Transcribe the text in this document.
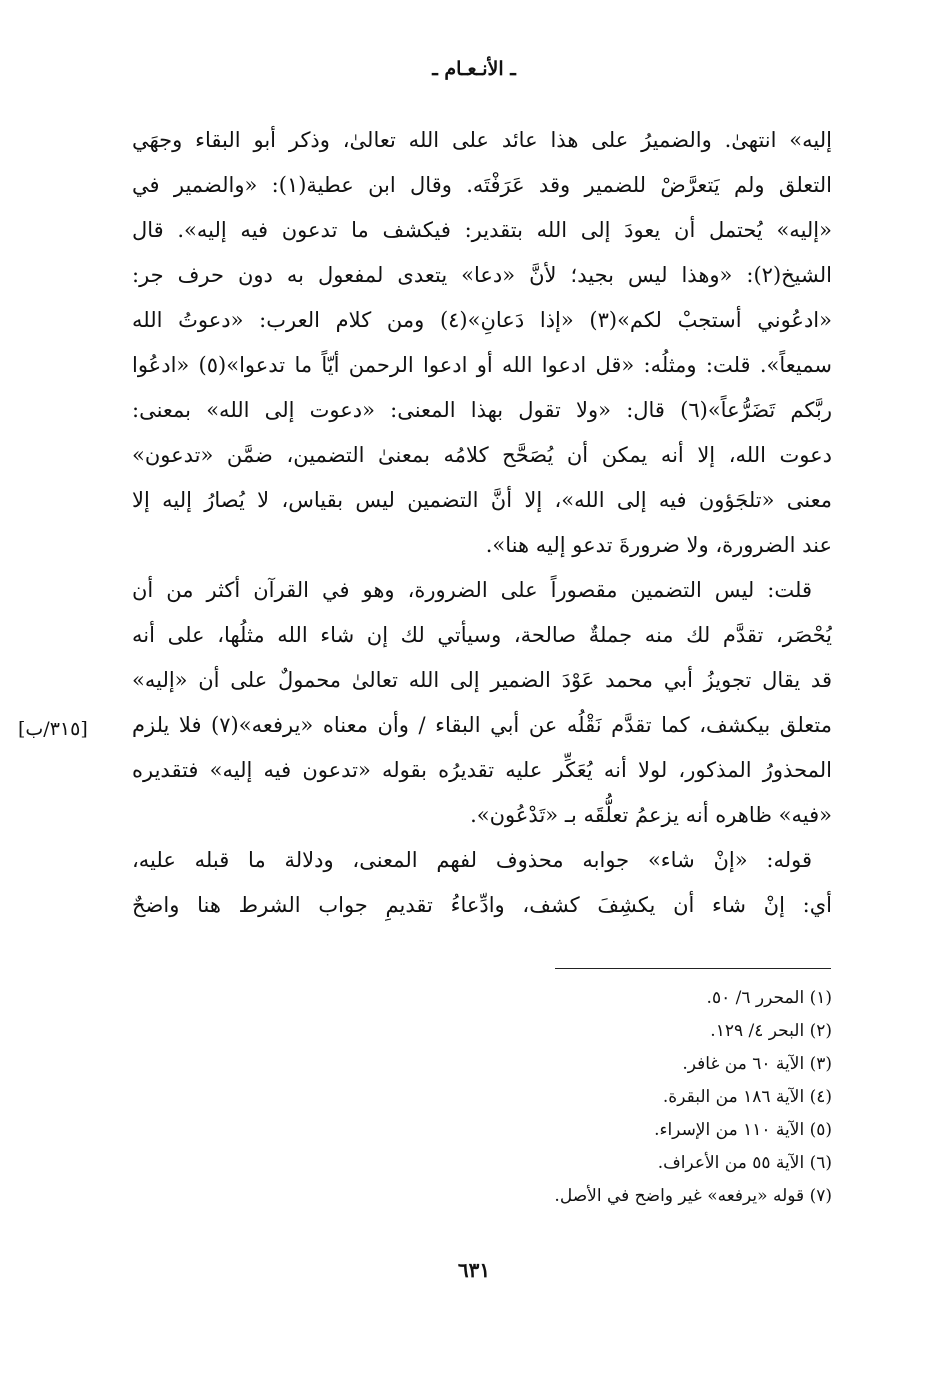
ـ الأنـعـام ـ
إليه» انتهىٰ. والضميرُ على هذا عائد على الله تعالىٰ، وذكر أبو البقاء وجهَي
التعلق ولم يَتعرَّضْ للضمير وقد عَرَفْتَه. وقال ابن عطية(١): «والضمير في
«إليه» يُحتمل أن يعودَ إلى الله بتقدير: فيكشف ما تدعون فيه إليه». قال
الشيخ(٢): «وهذا ليس بجيد؛ لأنَّ «دعا» يتعدى لمفعول به دون حرف جر:
«ادعُوني أستجبْ لكم»(٣) «إذا دَعانِ»(٤) ومن كلام العرب: «دعوتُ الله
سميعاً». قلت: ومثلُه: «قل ادعوا الله أو ادعوا الرحمن أيّاً ما تدعوا»(٥) «ادعُوا
ربَّكم تَضَرُّعاً»(٦) قال: «ولا تقول بهذا المعنى: «دعوت إلى الله» بمعنى:
دعوت الله، إلا أنه يمكن أن يُصَحَّح كلامُه بمعنىٰ التضمين، ضمَّن «تدعون»
معنى «تلجَؤون فيه إلى الله»، إلا أنَّ التضمين ليس بقياس، لا يُصارُ إليه إلا
عند الضرورة، ولا ضرورةَ تدعو إليه هنا».
قلت: ليس التضمين مقصوراً على الضرورة، وهو في القرآن أكثر من أن
يُحْصَر، تقدَّم لك منه جملةٌ صالحة، وسيأتي لك إن شاء الله مثلُها، على أنه
قد يقال تجويزُ أبي محمد عَوْدَ الضمير إلى الله تعالىٰ محمولٌ على أن «إليه»
متعلق بيكشف، كما تقدَّم نَقْلُه عن أبي البقاء / وأن معناه «يرفعه»(٧) فلا يلزم
المحذورُ المذكور، لولا أنه يُعَكِّر عليه تقديرُه بقوله «تدعون فيه إليه» فتقديره
«فيه» ظاهره أنه يزعمُ تعلُّقَه بـ «تَدْعُون».
قوله: «إنْ شاء» جوابه محذوف لفهم المعنى، ودلالة ما قبله عليه،
أي: إنْ شاء أن يكشِفَ كشف، وادِّعاءُ تقديمِ جواب الشرط هنا واضحٌ
[٣١٥/ب]
(١) المحرر ٦/ ٥٠.
(٢) البحر ٤/ ١٢٩.
(٣) الآية ٦٠ من غافر.
(٤) الآية ١٨٦ من البقرة.
(٥) الآية ١١٠ من الإسراء.
(٦) الآية ٥٥ من الأعراف.
(٧) قوله «يرفعه» غير واضح في الأصل.
٦٣١
